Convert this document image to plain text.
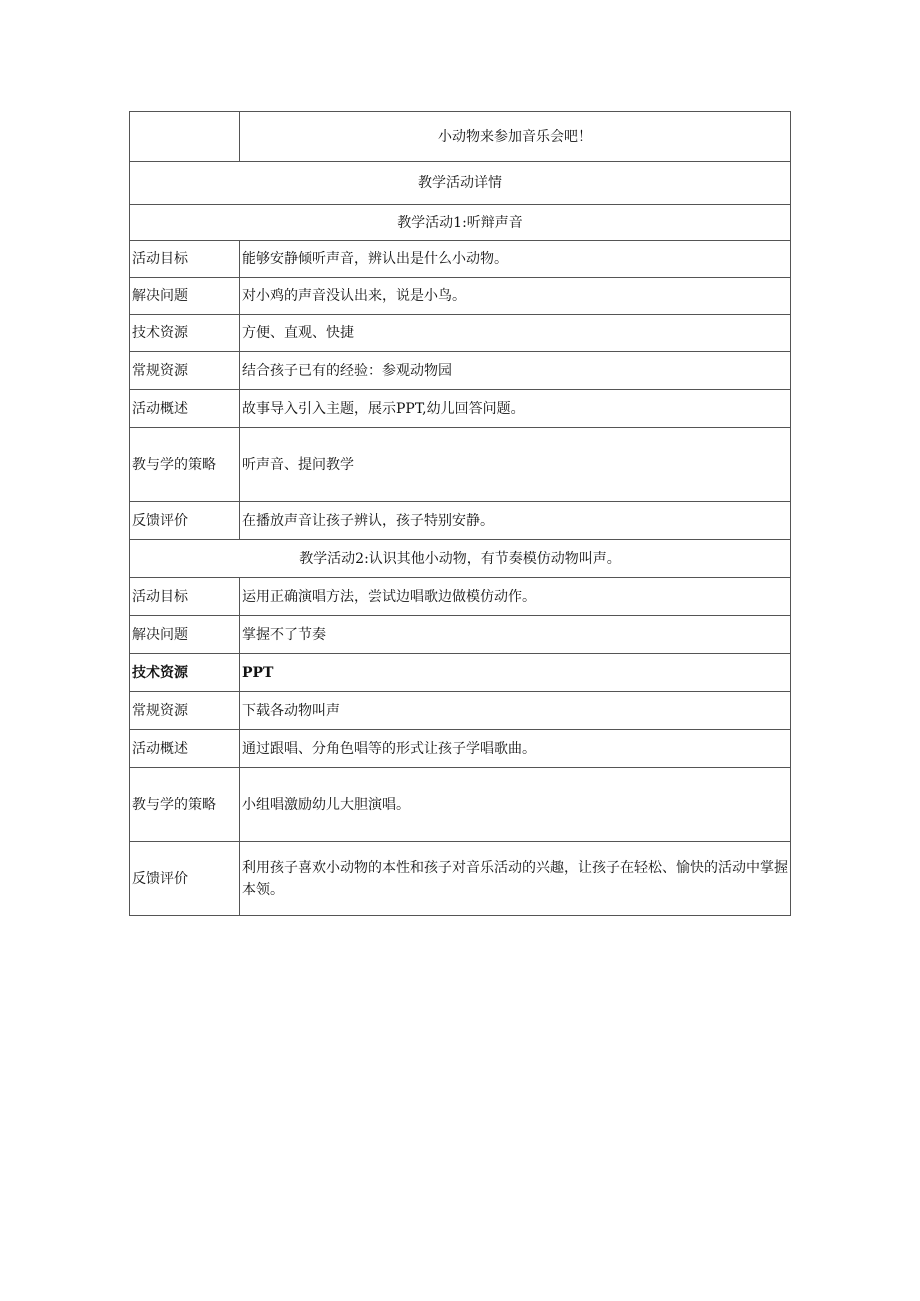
	小动物来参加音乐会吧！
教学活动详情	
教学活动1:听辩声音	
活动目标	能够安静倾听声音，辨认出是什么小动物。
解决问题	对小鸡的声音没认出来，说是小鸟。
技术资源	方便、直观、快捷
常规资源	结合孩子已有的经验：参观动物园
活动概述	故事导入引入主题，展示PPT,幼儿回答问题。
教与学的策略	听声音、提问教学
反馈评价	在播放声音让孩子辨认，孩子特别安静。
教学活动2:认识其他小动物，有节奏模仿动物叫声。	
活动目标	运用正确演唱方法，尝试边唱歌边做模仿动作。
解决问题	掌握不了节奏
技术资源	PPT
常规资源	下载各动物叫声
活动概述	通过跟唱、分角色唱等的形式让孩子学唱歌曲。
教与学的策略	小组唱激励幼儿大胆演唱。
反馈评价	利用孩子喜欢小动物的本性和孩子对音乐活动的兴趣，让孩子在轻松、愉快的活动中掌握本领。
